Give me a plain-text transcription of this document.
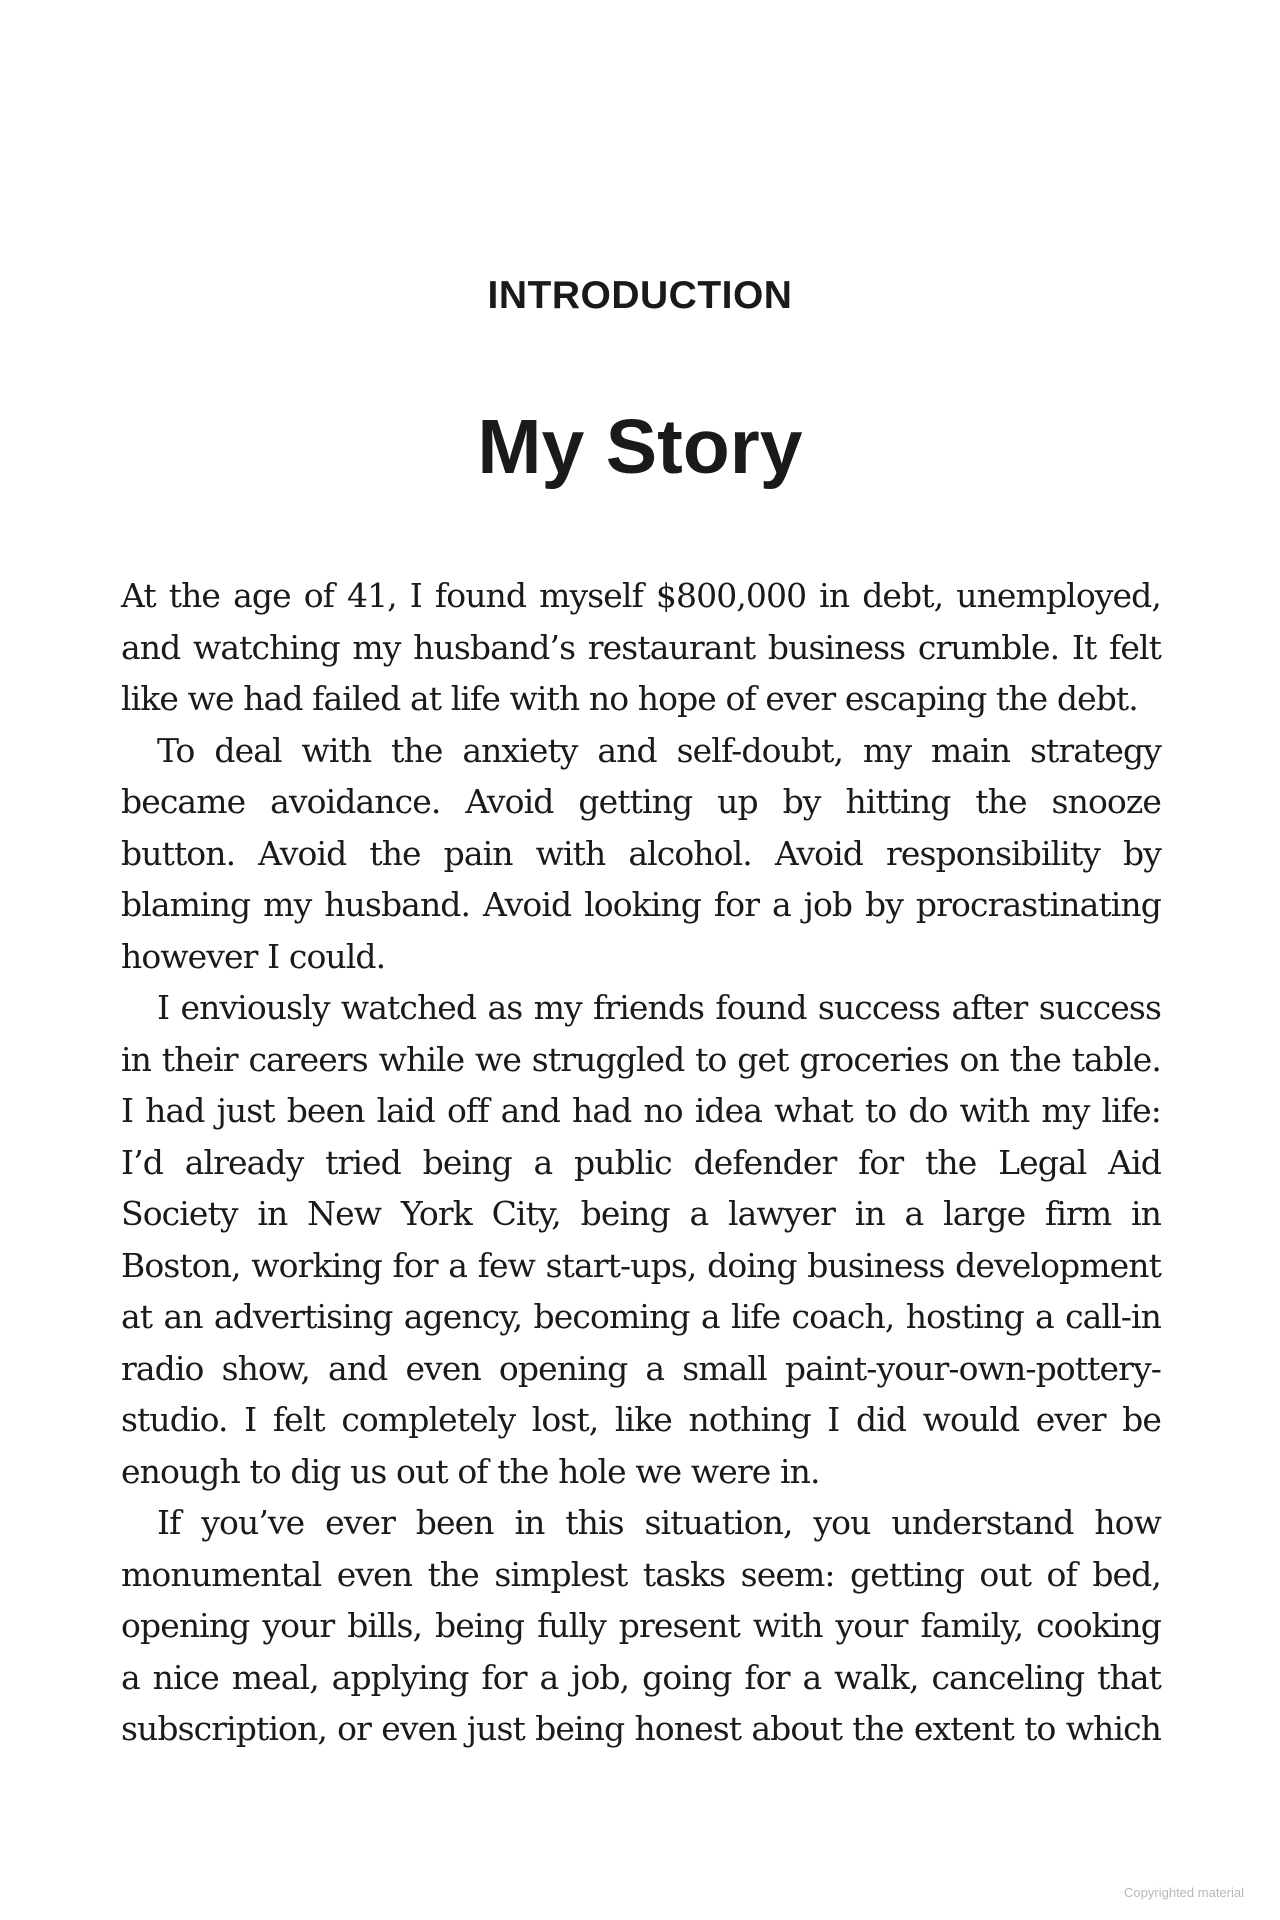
INTRODUCTION
My Story

At the age of 41, I found myself $800,000 in debt, unemployed,
and watching my husband’s restaurant business crumble. It felt
like we had failed at life with no hope of ever escaping the debt.

To deal with the anxiety and self-doubt, my main strategy
became avoidance. Avoid getting up by hitting the snooze
button. Avoid the pain with alcohol. Avoid responsibility by
blaming my husband. Avoid looking for a job by procrastinating
however I could.

I enviously watched as my friends found success after success
in their careers while we struggled to get groceries on the table.
I had just been laid off and had no idea what to do with my life:
I’d already tried being a public defender for the Legal Aid
Society in New York City, being a lawyer in a large firm in
Boston, working for a few start-ups, doing business development
at an advertising agency, becoming a life coach, hosting a call-in
radio show, and even opening a small paint-your-own-pottery-
studio. I felt completely lost, like nothing I did would ever be
enough to dig us out of the hole we were in.

If you’ve ever been in this situation, you understand how
monumental even the simplest tasks seem: getting out of bed,
opening your bills, being fully present with your family, cooking
a nice meal, applying for a job, going for a walk, canceling that
subscription, or even just being honest about the extent to which

Copyrighted material
